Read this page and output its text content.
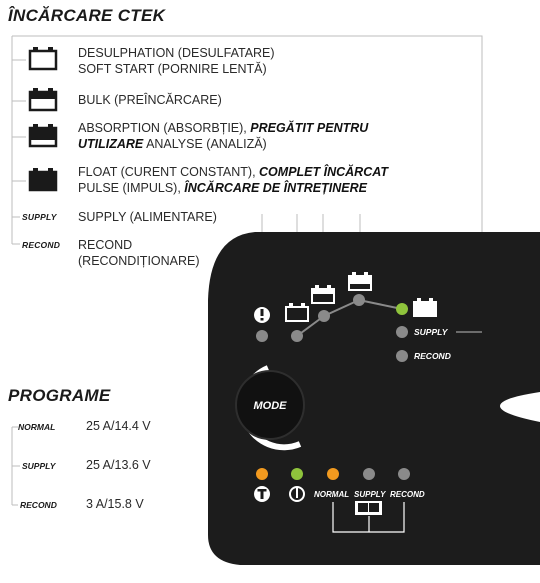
ÎNCĂRCARE CTEK
DESULPHATION (DESULFATARE)
SOFT START (PORNIRE LENTĂ)
BULK (PREÎNCĂRCARE)
ABSORPTION (ABSORBȚIE), PREGĂTIT PENTRU
UTILIZARE ANALYSE (ANALIZĂ)
FLOAT (CURENT CONSTANT), COMPLET ÎNCĂRCAT
PULSE (IMPULS), ÎNCĂRCARE DE ÎNTREȚINERE
SUPPLY (ALIMENTARE)
RECOND
(RECONDIȚIONARE)
SUPPLY
RECOND
PROGRAME
NORMAL 25 A/14.4 V
SUPPLY 25 A/13.6 V
RECOND 3 A/15.8 V
SUPPLY
RECOND
MODE
NORMAL SUPPLY RECOND
